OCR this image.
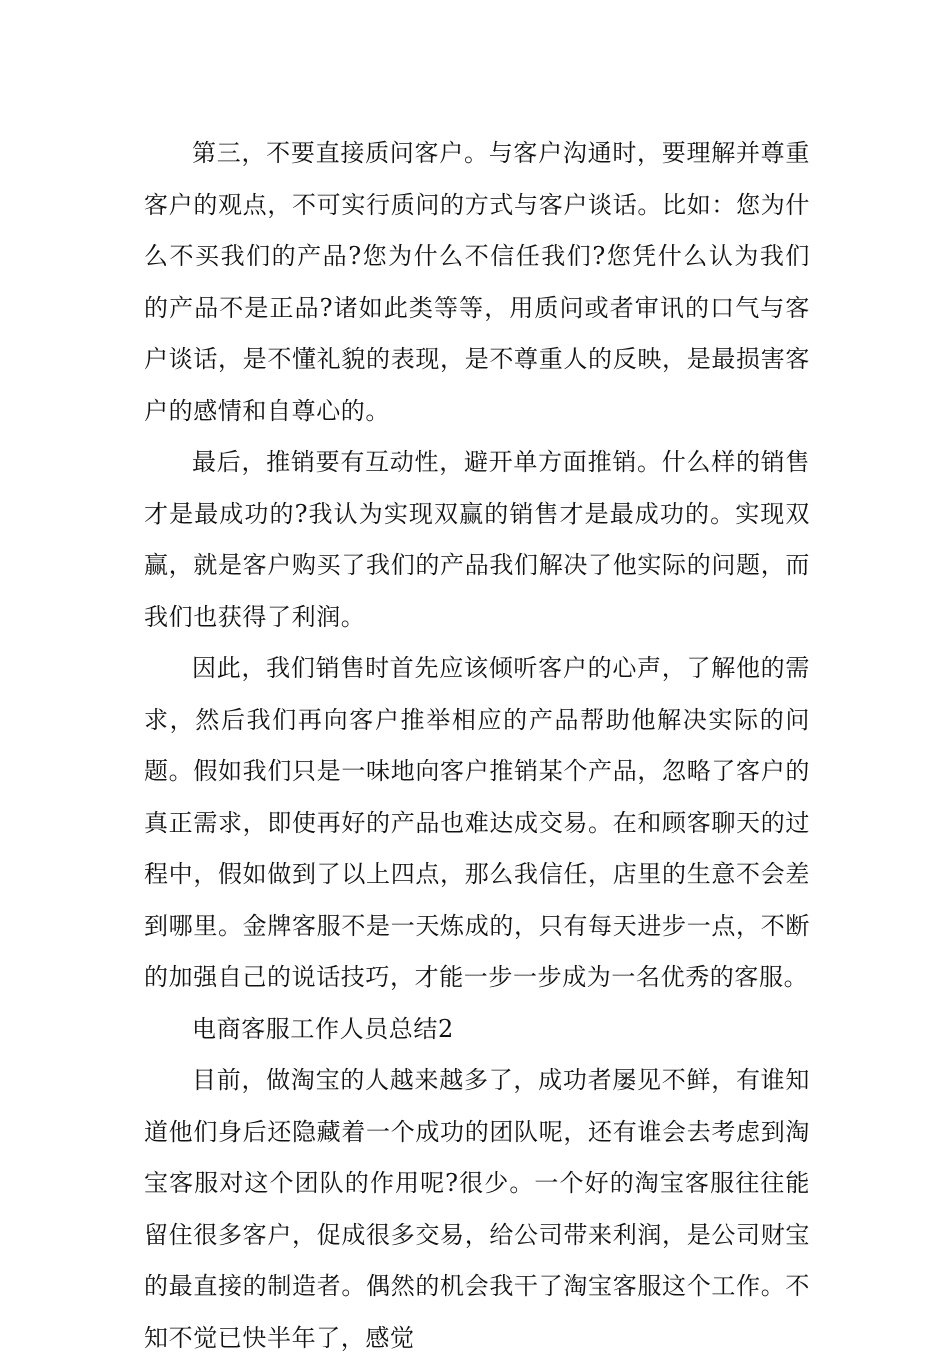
第三，不要直接质问客户。与客户沟通时，要理解并尊重客户的观点，不可实行质问的方式与客户谈话。比如：您为什么不买我们的产品?您为什么不信任我们?您凭什么认为我们的产品不是正品?诸如此类等等，用质问或者审讯的口气与客户谈话，是不懂礼貌的表现，是不尊重人的反映，是最损害客户的感情和自尊心的。

最后，推销要有互动性，避开单方面推销。什么样的销售才是最成功的?我认为实现双赢的销售才是最成功的。实现双赢，就是客户购买了我们的产品我们解决了他实际的问题，而我们也获得了利润。

因此，我们销售时首先应该倾听客户的心声，了解他的需求，然后我们再向客户推举相应的产品帮助他解决实际的问题。假如我们只是一味地向客户推销某个产品，忽略了客户的真正需求，即使再好的产品也难达成交易。在和顾客聊天的过程中，假如做到了以上四点，那么我信任，店里的生意不会差到哪里。金牌客服不是一天炼成的，只有每天进步一点，不断的加强自己的说话技巧，才能一步一步成为一名优秀的客服。

电商客服工作人员总结2

目前，做淘宝的人越来越多了，成功者屡见不鲜，有谁知道他们身后还隐藏着一个成功的团队呢，还有谁会去考虑到淘宝客服对这个团队的作用呢?很少。一个好的淘宝客服往往能留住很多客户，促成很多交易，给公司带来利润，是公司财宝的最直接的制造者。偶然的机会我干了淘宝客服这个工作。不知不觉已快半年了，感觉
